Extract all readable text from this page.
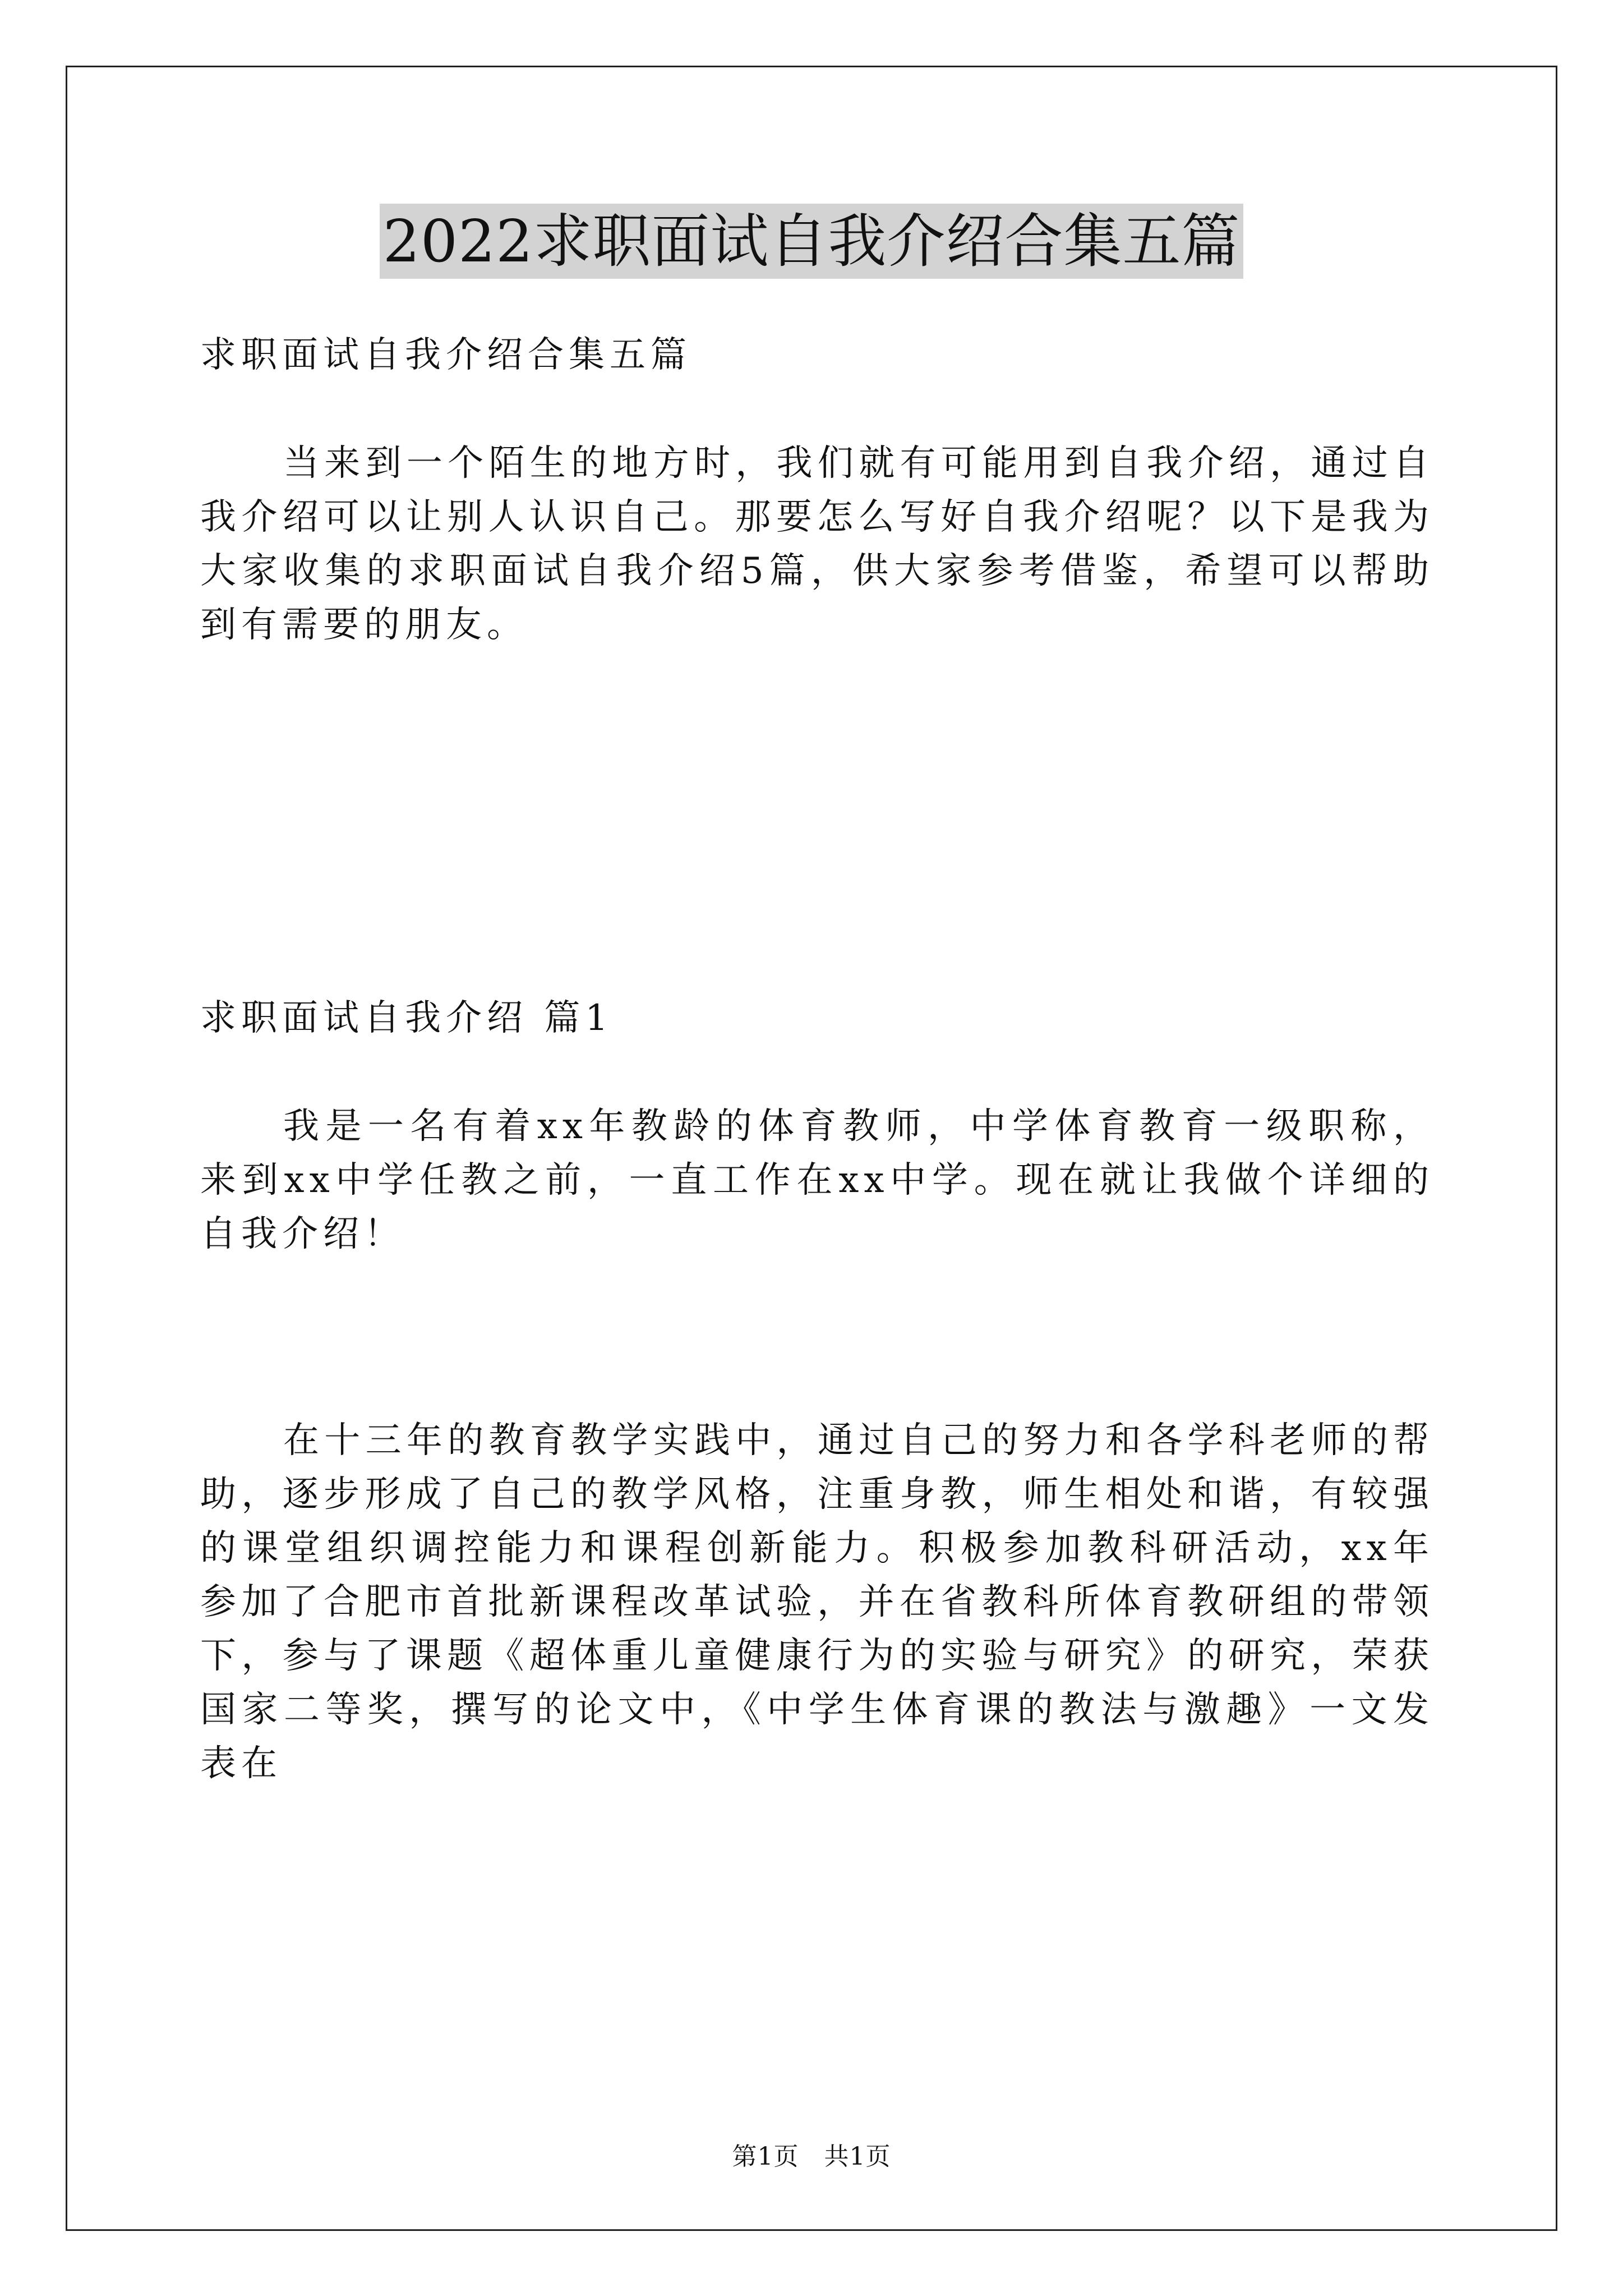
2022求职面试自我介绍合集五篇

求职面试自我介绍合集五篇

当来到一个陌生的地方时，我们就有可能用到自我介绍，通过自我介绍可以让别人认识自己。那要怎么写好自我介绍呢？以下是我为大家收集的求职面试自我介绍5篇，供大家参考借鉴，希望可以帮助到有需要的朋友。

求职面试自我介绍 篇1

我是一名有着xx年教龄的体育教师，中学体育教育一级职称，来到xx中学任教之前，一直工作在xx中学。现在就让我做个详细的自我介绍！

在十三年的教育教学实践中，通过自己的努力和各学科老师的帮助，逐步形成了自己的教学风格，注重身教，师生相处和谐，有较强的课堂组织调控能力和课程创新能力。积极参加教科研活动，xx年参加了合肥市首批新课程改革试验，并在省教科所体育教研组的带领下，参与了课题《超体重儿童健康行为的实验与研究》的研究，荣获国家二等奖，撰写的论文中，《中学生体育课的教法与激趣》一文发表在

第1页　共1页
